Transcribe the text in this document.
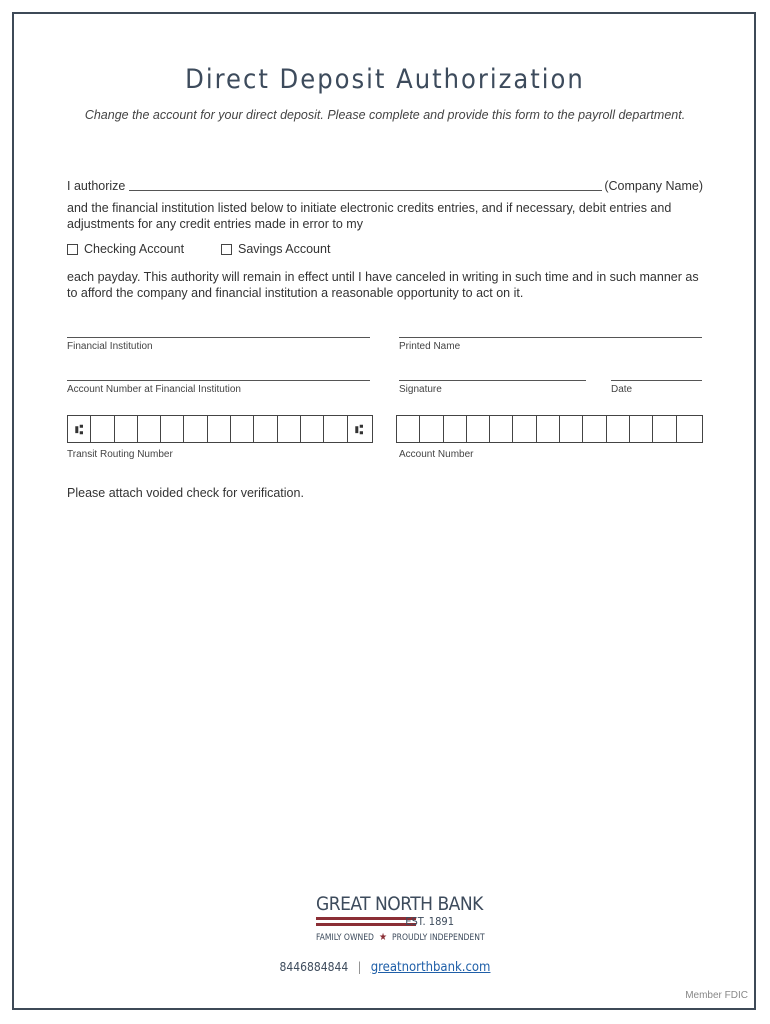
Direct Deposit Authorization
Change the account for your direct deposit. Please complete and provide this form to the payroll department.
I authorize	(Company Name)
and the financial institution listed below to initiate electronic credits entries, and if necessary, debit entries and adjustments for any credit entries made in error to my
Checking Account	Savings Account
each payday. This authority will remain in effect until I have canceled in writing in such time and in such manner as to afford the company and financial institution a reasonable opportunity to act on it.
Financial Institution	Printed Name
Account Number at Financial Institution	Signature	Date
⑆	⑆
Transit Routing Number	Account Number
Please attach voided check for verification.
GREAT NORTH BANK
EST. 1891
FAMILY OWNED ★ PROUDLY INDEPENDENT
8446884844 | greatnorthbank.com
Member FDIC
